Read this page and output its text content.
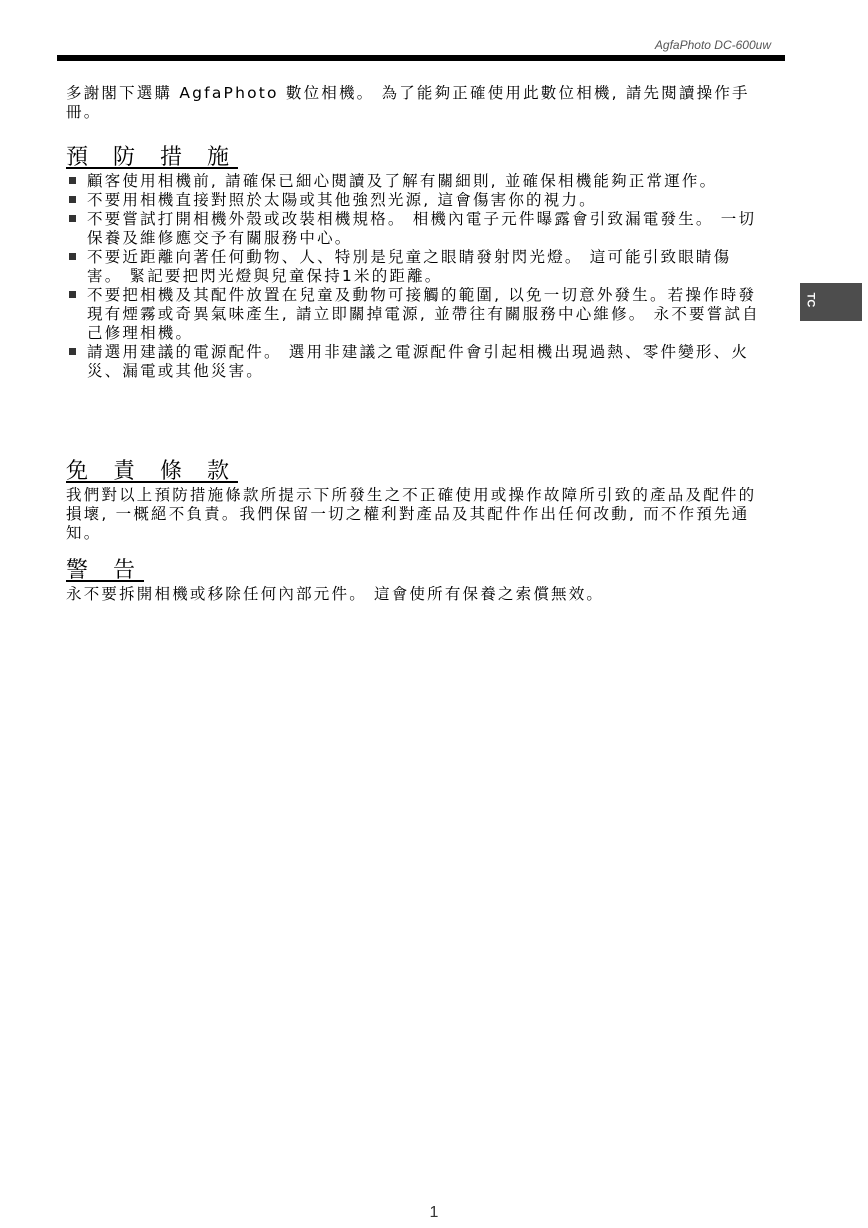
AgfaPhoto DC-600uw

多謝閣下選購 AgfaPhoto 數位相機。 為了能夠正確使用此數位相機, 請先閱讀操作手冊。

預 防 措 施
顧客使用相機前, 請確保已細心閱讀及了解有關細則, 並確保相機能夠正常運作。
不要用相機直接對照於太陽或其他強烈光源, 這會傷害你的視力。
不要嘗試打開相機外殼或改裝相機規格。 相機內電子元件曝露會引致漏電發生。 一切保養及維修應交予有關服務中心。
不要近距離向著任何動物、人、特別是兒童之眼睛發射閃光燈。 這可能引致眼睛傷害。 緊記要把閃光燈與兒童保持1米的距離。
不要把相機及其配件放置在兒童及動物可接觸的範圍, 以免一切意外發生。若操作時發現有煙霧或奇異氣味產生, 請立即關掉電源, 並帶往有關服務中心維修。 永不要嘗試自己修理相機。
請選用建議的電源配件。 選用非建議之電源配件會引起相機出現過熱、零件變形、火災、漏電或其他災害。
免 責 條 款

我們對以上預防措施條款所提示下所發生之不正確使用或操作故障所引致的產品及配件的損壞, 一概絕不負責。我們保留一切之權利對產品及其配件作出任何改動, 而不作預先通知。

警 告

永不要拆開相機或移除任何內部元件。 這會使所有保養之索償無效。

TC
1
